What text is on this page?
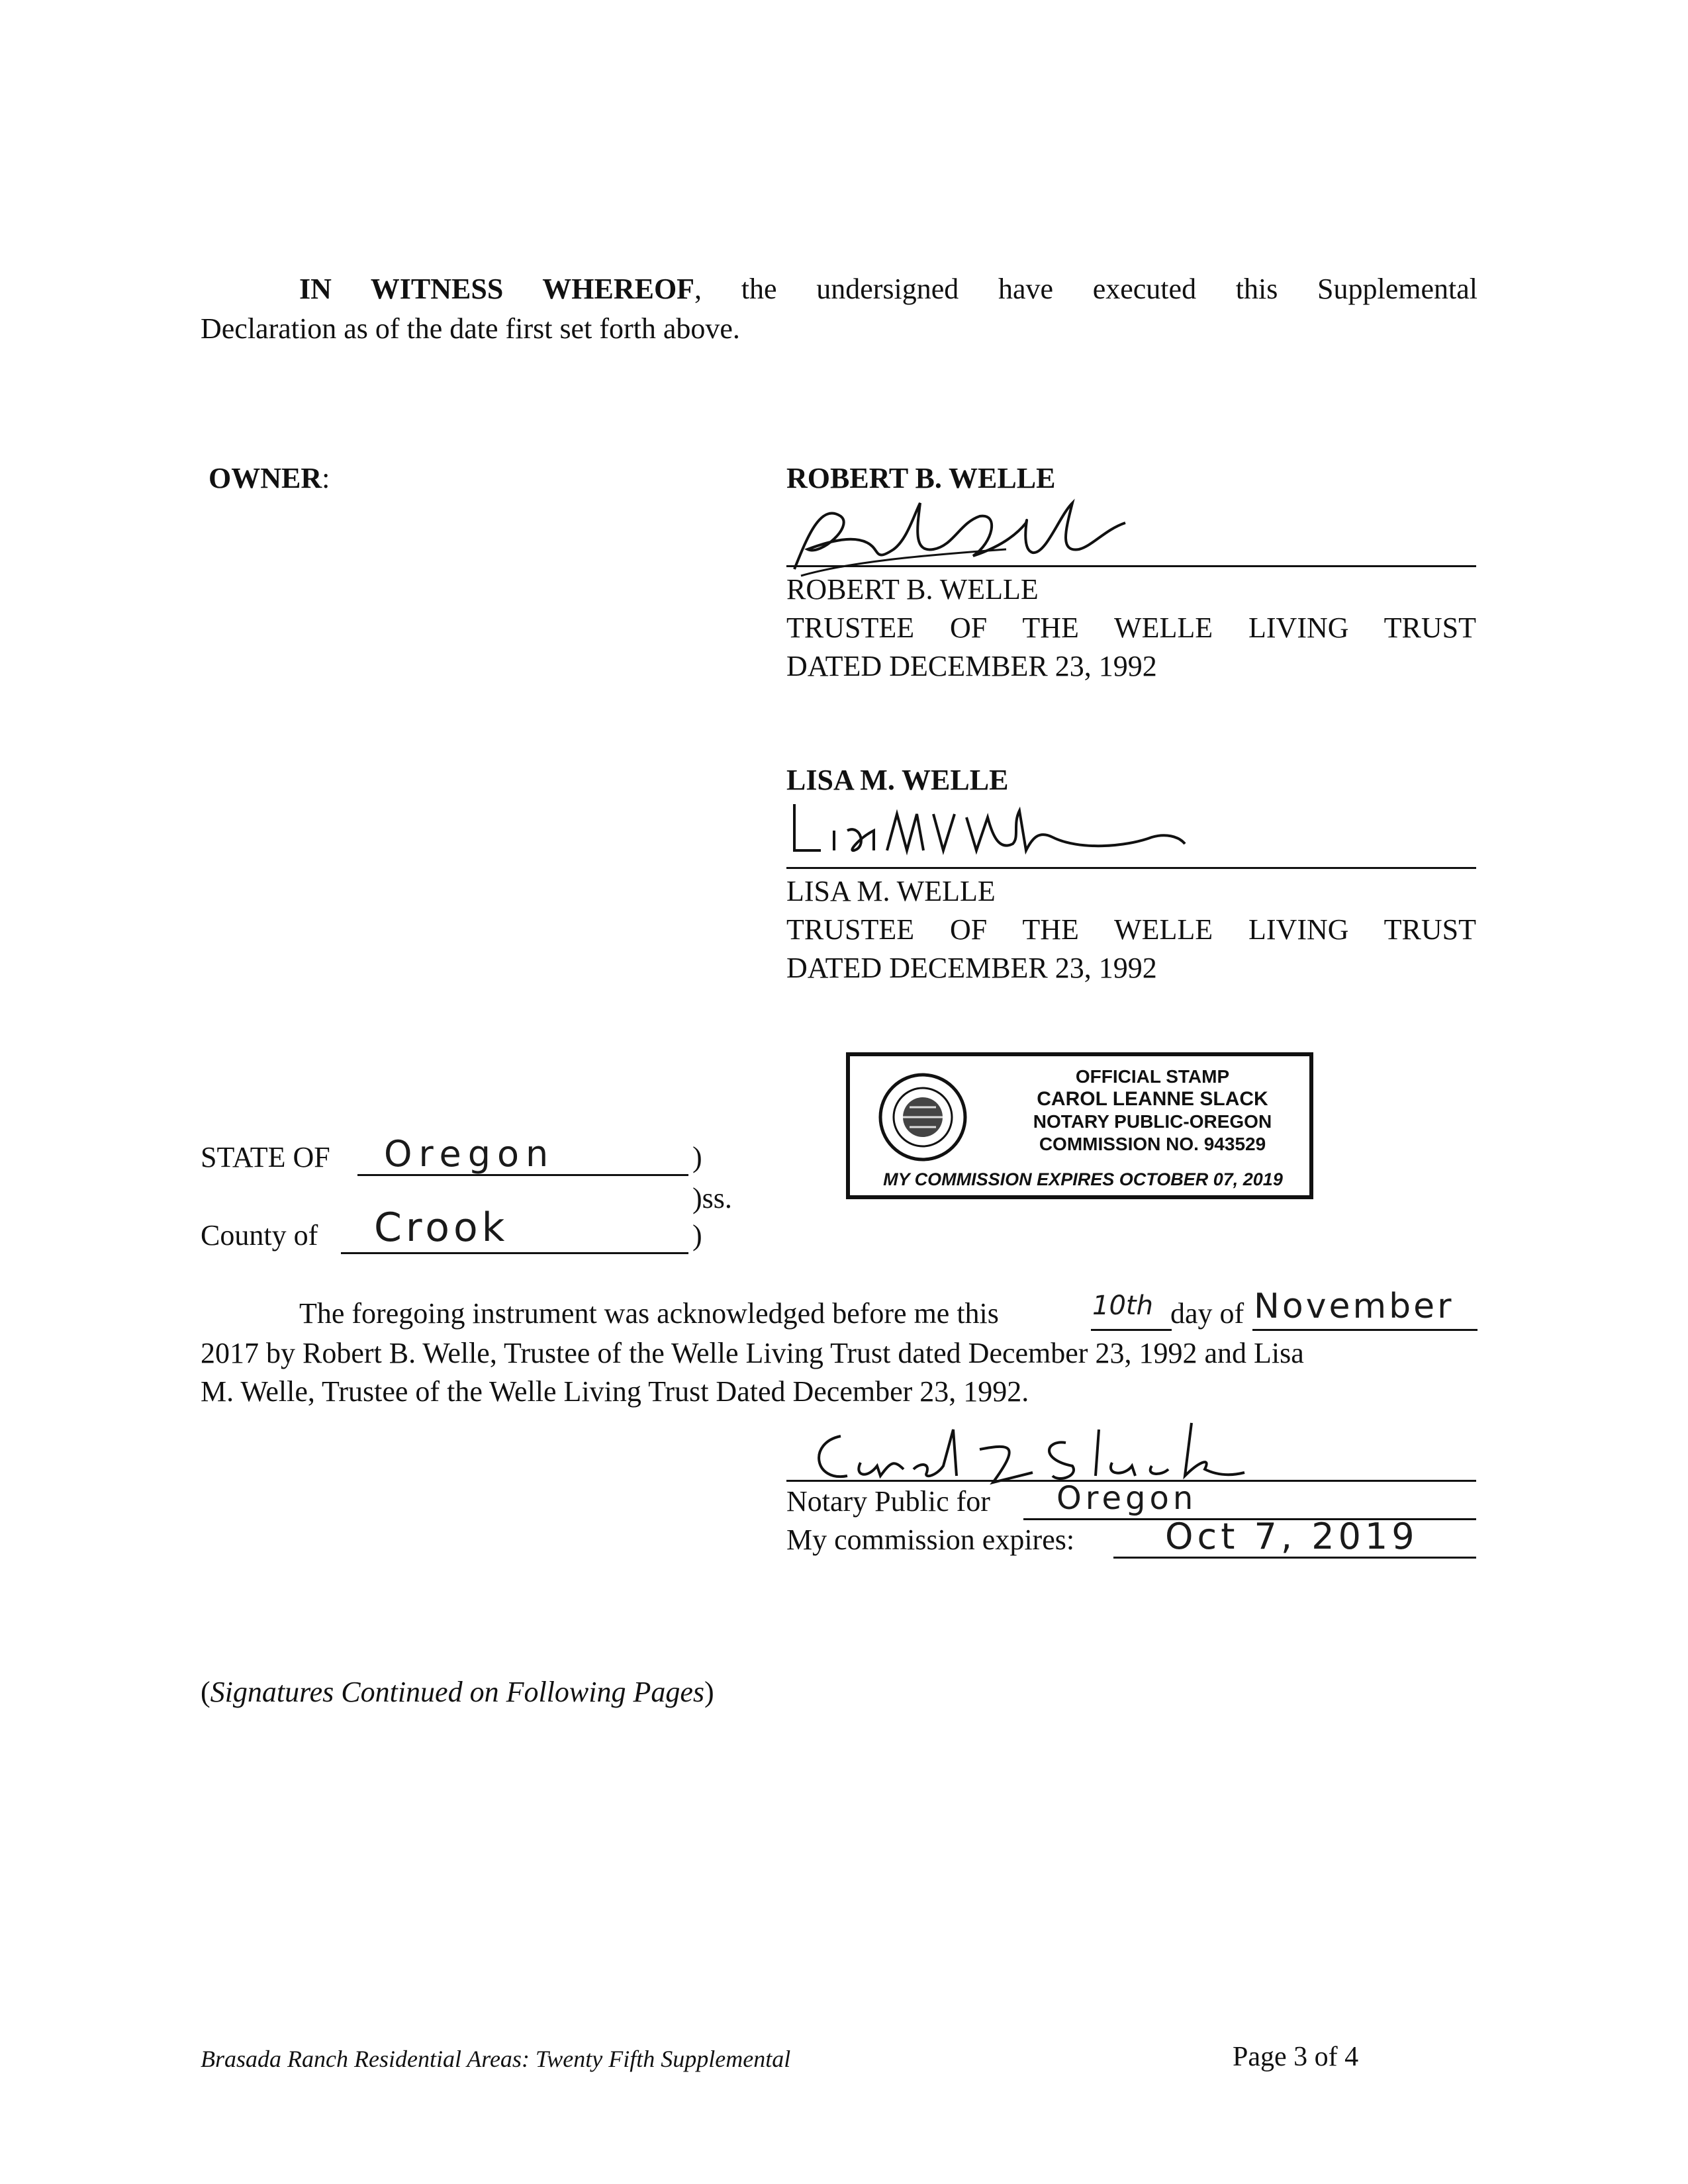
IN WITNESS WHEREOF, the undersigned have executed this Supplemental
Declaration as of the date first set forth above.
OWNER:	ROBERT B. WELLE
ROBERT B. WELLE
TRUSTEE OF THE WELLE LIVING TRUST
DATED DECEMBER 23, 1992
LISA M. WELLE
LISA M. WELLE
TRUSTEE OF THE WELLE LIVING TRUST
DATED DECEMBER 23, 1992
OFFICIAL STAMP
CAROL LEANNE SLACK
NOTARY PUBLIC-OREGON
COMMISSION NO. 943529
MY COMMISSION EXPIRES OCTOBER 07, 2019
STATE OF Oregon	)
)ss.
County of Crook	)
The foregoing instrument was acknowledged before me this	10th day of November
2017 by Robert B. Welle, Trustee of the Welle Living Trust dated December 23, 1992 and Lisa
M. Welle, Trustee of the Welle Living Trust Dated December 23, 1992.
Notary Public for Oregon
My commission expires:	Oct 7, 2019
(Signatures Continued on Following Pages)
Brasada Ranch Residential Areas: Twenty Fifth Supplemental	Page 3 of 4
